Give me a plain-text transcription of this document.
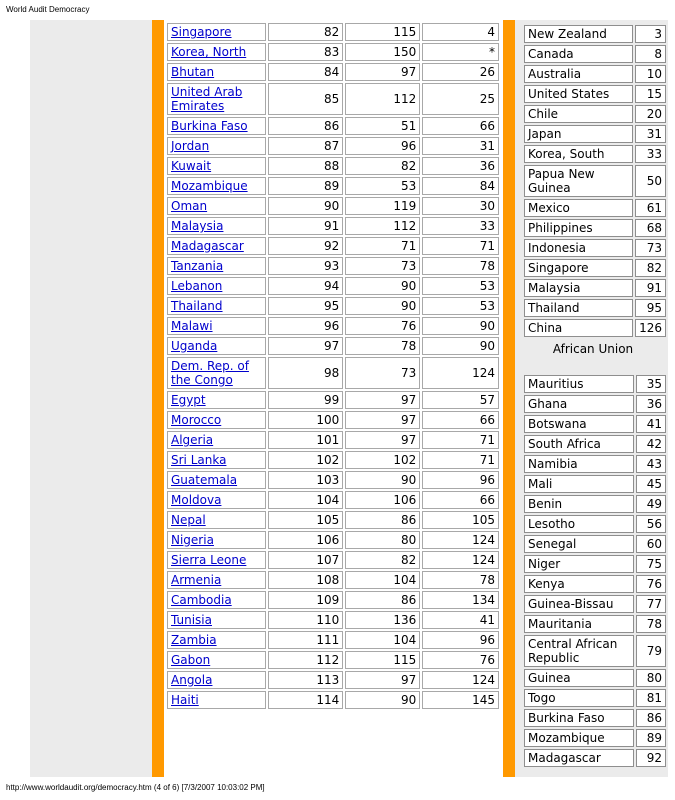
World Audit Democracy
Singapore	82	115	4
Korea, North	83	150	*
Bhutan	84	97	26
United Arab Emirates	85	112	25
Burkina Faso	86	51	66
Jordan	87	96	31
Kuwait	88	82	36
Mozambique	89	53	84
Oman	90	119	30
Malaysia	91	112	33
Madagascar	92	71	71
Tanzania	93	73	78
Lebanon	94	90	53
Thailand	95	90	53
Malawi	96	76	90
Uganda	97	78	90
Dem. Rep. of the Congo	98	73	124
Egypt	99	97	57
Morocco	100	97	66
Algeria	101	97	71
Sri Lanka	102	102	71
Guatemala	103	90	96
Moldova	104	106	66
Nepal	105	86	105
Nigeria	106	80	124
Sierra Leone	107	82	124
Armenia	108	104	78
Cambodia	109	86	134
Tunisia	110	136	41
Zambia	111	104	96
Gabon	112	115	76
Angola	113	97	124
Haiti	114	90	145
New Zealand	3
Canada	8
Australia	10
United States	15
Chile	20
Japan	31
Korea, South	33
Papua New Guinea	50
Mexico	61
Philippines	68
Indonesia	73
Singapore	82
Malaysia	91
Thailand	95
China	126
African Union
Mauritius	35
Ghana	36
Botswana	41
South Africa	42
Namibia	43
Mali	45
Benin	49
Lesotho	56
Senegal	60
Niger	75
Kenya	76
Guinea-Bissau	77
Mauritania	78
Central African Republic	79
Guinea	80
Togo	81
Burkina Faso	86
Mozambique	89
Madagascar	92
http://www.worldaudit.org/democracy.htm (4 of 6) [7/3/2007 10:03:02 PM]
